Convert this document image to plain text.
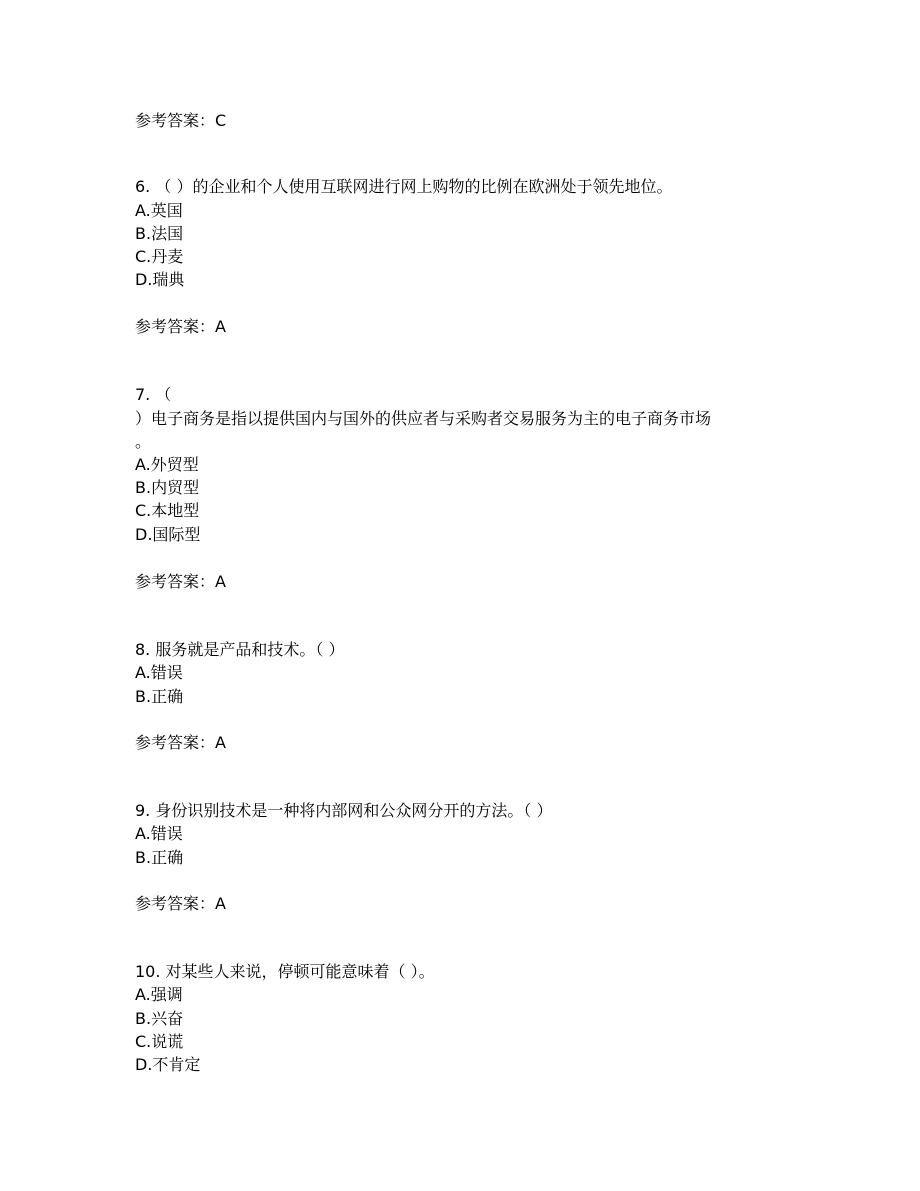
参考答案：C
6. （ ）的企业和个人使用互联网进行网上购物的比例在欧洲处于领先地位。
A.英国
B.法国
C.丹麦
D.瑞典
参考答案：A
7. （
）电子商务是指以提供国内与国外的供应者与采购者交易服务为主的电子商务市场
。
A.外贸型
B.内贸型
C.本地型
D.国际型
参考答案：A
8. 服务就是产品和技术。（ ）
A.错误
B.正确
参考答案：A
9. 身份识别技术是一种将内部网和公众网分开的方法。（ ）
A.错误
B.正确
参考答案：A
10. 对某些人来说，停顿可能意味着（ ）。
A.强调
B.兴奋
C.说谎
D.不肯定
